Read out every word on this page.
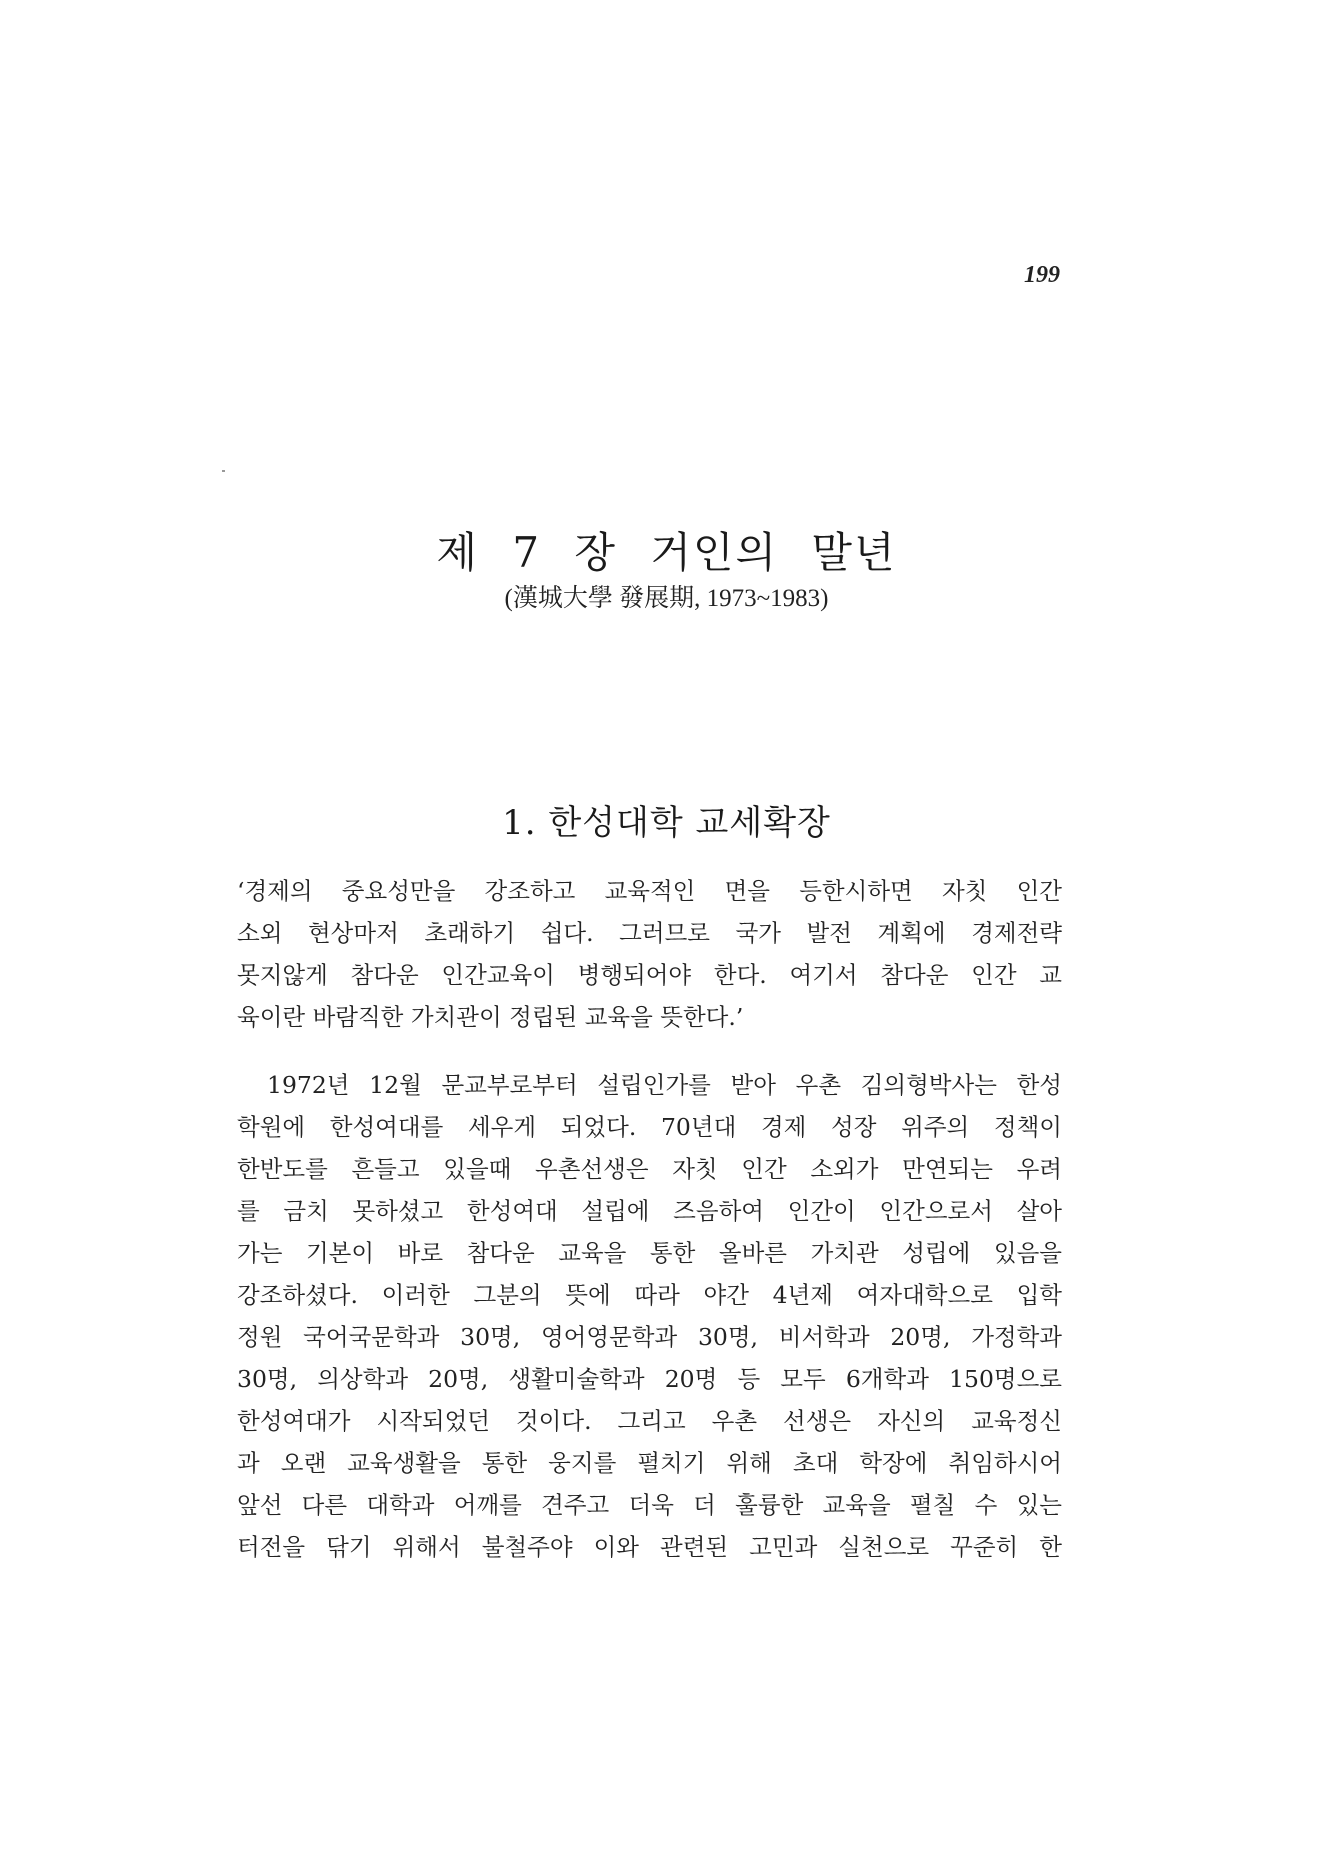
199
제 7 장 거인의 말년
(漢城大學 發展期, 1973~1983)
1. 한성대학 교세확장
‘경제의 중요성만을 강조하고 교육적인 면을 등한시하면 자칫 인간
소외 현상마저 초래하기 쉽다. 그러므로 국가 발전 계획에 경제전략
못지않게 참다운 인간교육이 병행되어야 한다. 여기서 참다운 인간 교
육이란 바람직한 가치관이 정립된 교육을 뜻한다.’
1972년 12월 문교부로부터 설립인가를 받아 우촌 김의형박사는 한성
학원에 한성여대를 세우게 되었다. 70년대 경제 성장 위주의 정책이
한반도를 흔들고 있을때 우촌선생은 자칫 인간 소외가 만연되는 우려
를 금치 못하셨고 한성여대 설립에 즈음하여 인간이 인간으로서 살아
가는 기본이 바로 참다운 교육을 통한 올바른 가치관 성립에 있음을
강조하셨다. 이러한 그분의 뜻에 따라 야간 4년제 여자대학으로 입학
정원 국어국문학과 30명, 영어영문학과 30명, 비서학과 20명, 가정학과
30명, 의상학과 20명, 생활미술학과 20명 등 모두 6개학과 150명으로
한성여대가 시작되었던 것이다. 그리고 우촌 선생은 자신의 교육정신
과 오랜 교육생활을 통한 웅지를 펼치기 위해 초대 학장에 취임하시어
앞선 다른 대학과 어깨를 견주고 더욱 더 훌륭한 교육을 펼칠 수 있는
터전을 닦기 위해서 불철주야 이와 관련된 고민과 실천으로 꾸준히 한
